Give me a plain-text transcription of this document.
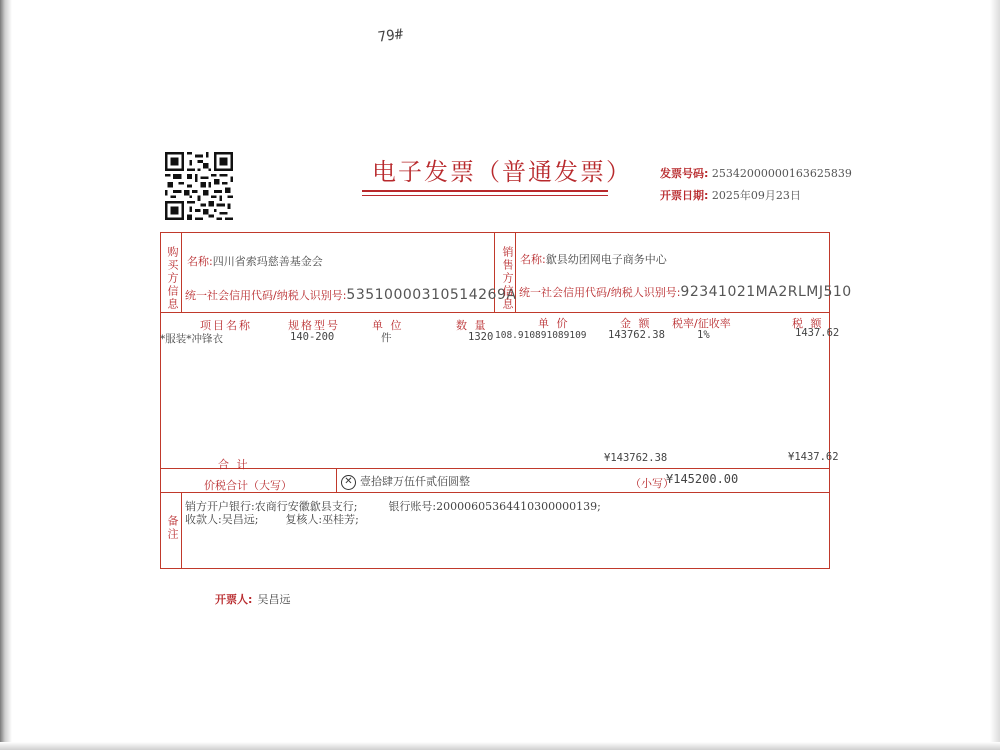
79#
电子发票（普通发票）	发票号码: 25342000000163625839
开票日期: 2025年09月23日
购买方信息 名称:四川省索玛慈善基金会
统一社会信用代码/纳税人识别号:53510000310514269A
销售方信息 名称:歙县幼团网电子商务中心
统一社会信用代码/纳税人识别号:92341021MA2RLMJ510
项目名称	规格型号	单 位	数 量	单 价	金 额 税率/征收率	税 额
*服装*冲锋衣	140-200	件	1320 108.910891089109 143762.38	1%	1437.62
合 计	¥143762.38	¥1437.62
价税合计（大写）	✕ 壹拾肆万伍仟贰佰圆整	（小写）
¥145200.00
备注
销方开户银行:农商行安徽歙县支行;	银行账号:20000605364410300000139;
收款人:吴昌远; 复核人:巫桂芳;
开票人: 吴昌远
